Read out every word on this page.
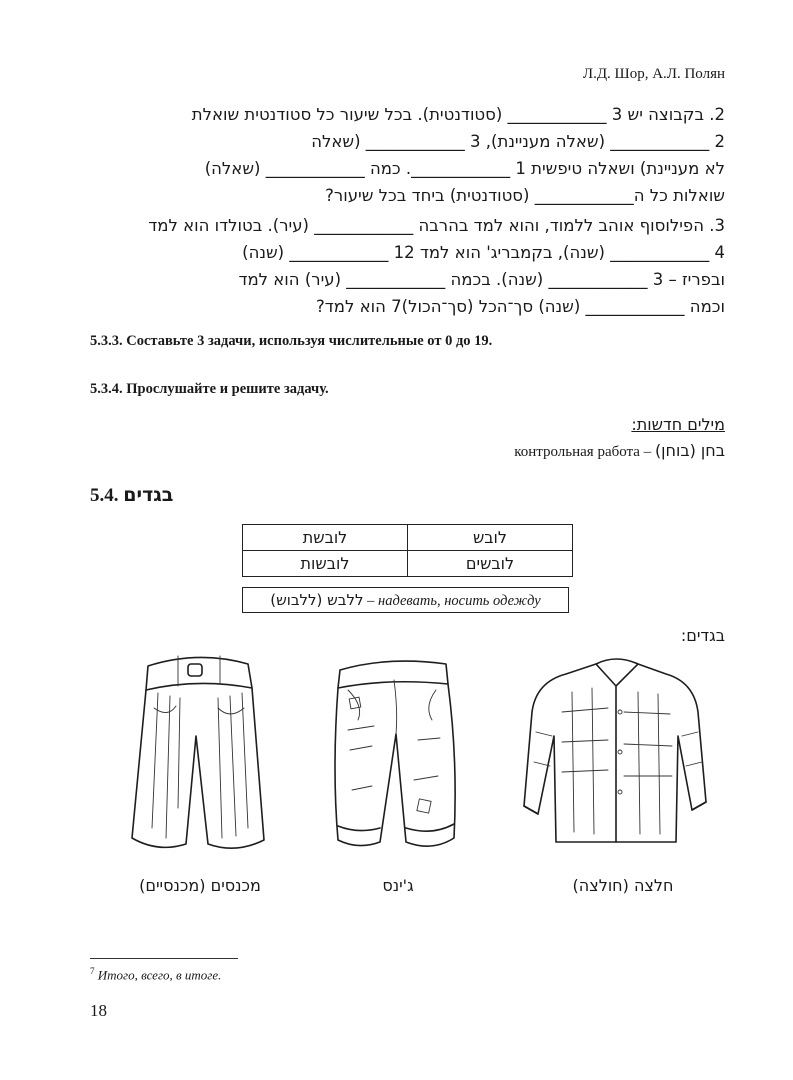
Л.Д. Шор, А.Л. Полян
2. בקבוצה יש 3 ____________ (סטודנטית). בכל שיעור כל סטודנטית שואלת
2 ____________ (שאלה מעניינת), 3 ____________ (שאלה
לא מעניינת) ושאלה טיפשית 1 ____________. כמה ____________ (שאלה)
שואלות כל ה____________ (סטודנטית) ביחד בכל שיעור?
3. הפילוסוף אוהב ללמוד, והוא למד בהרבה ____________ (עיר). בטולדו הוא למד
4 ____________ (שנה), בקמבריג' הוא למד 12 ____________ (שנה)
ובפריז – 3 ____________ (שנה). בכמה ____________ (עיר) הוא למד
וכמה ____________ (שנה) סך־הכל (סך־הכול)7 הוא למד?
5.3.3. Составьте 3 задачи, используя числительные от 0 до 19.
5.3.4. Прослушайте и решите задачу.
מילים חדשות:
контрольная работа – בחן (בוחן)
5.4. בגדים
לובשת	לובש
לובשות	לובשים
ללבש (ללבוש) – надевать, носить одежду
בגדים:
מכנסים (מכנסיים)	ג'ינס	חלצה (חולצה)
$^7$ Итого, всего, в итоге.
18
